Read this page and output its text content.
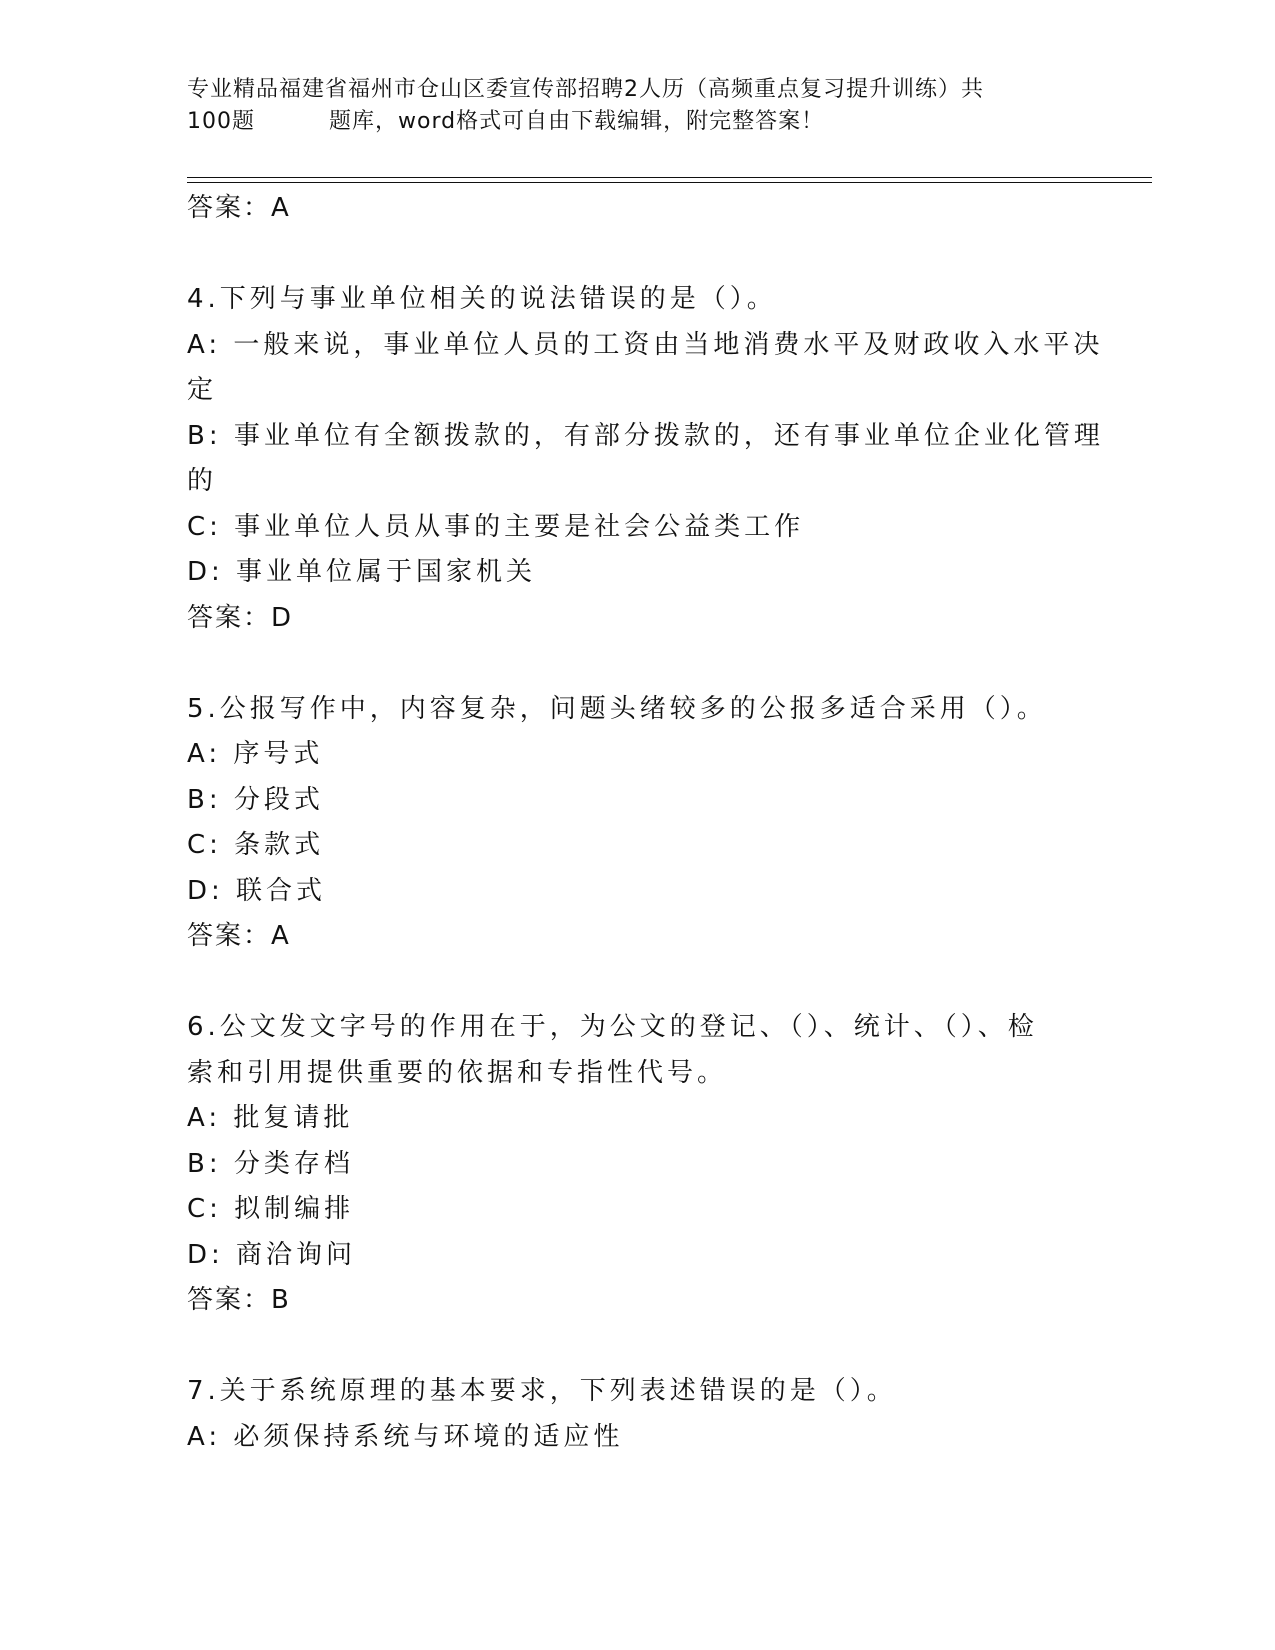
专业精品福建省福州市仓山区委宣传部招聘2人历（高频重点复习提升训练）共
100题	题库，word格式可自由下载编辑，附完整答案！
答案：A
4.下列与事业单位相关的说法错误的是（）。
A: 一般来说，事业单位人员的工资由当地消费水平及财政收入水平决
定
B: 事业单位有全额拨款的，有部分拨款的，还有事业单位企业化管理
的
C: 事业单位人员从事的主要是社会公益类工作
D: 事业单位属于国家机关
答案：D
5.公报写作中，内容复杂，问题头绪较多的公报多适合采用（）。
A: 序号式
B: 分段式
C: 条款式
D: 联合式
答案：A
6.公文发文字号的作用在于，为公文的登记、（）、统计、（）、检
索和引用提供重要的依据和专指性代号。
A: 批复请批
B: 分类存档
C: 拟制编排
D: 商洽询问
答案：B
7.关于系统原理的基本要求，下列表述错误的是（）。
A: 必须保持系统与环境的适应性
